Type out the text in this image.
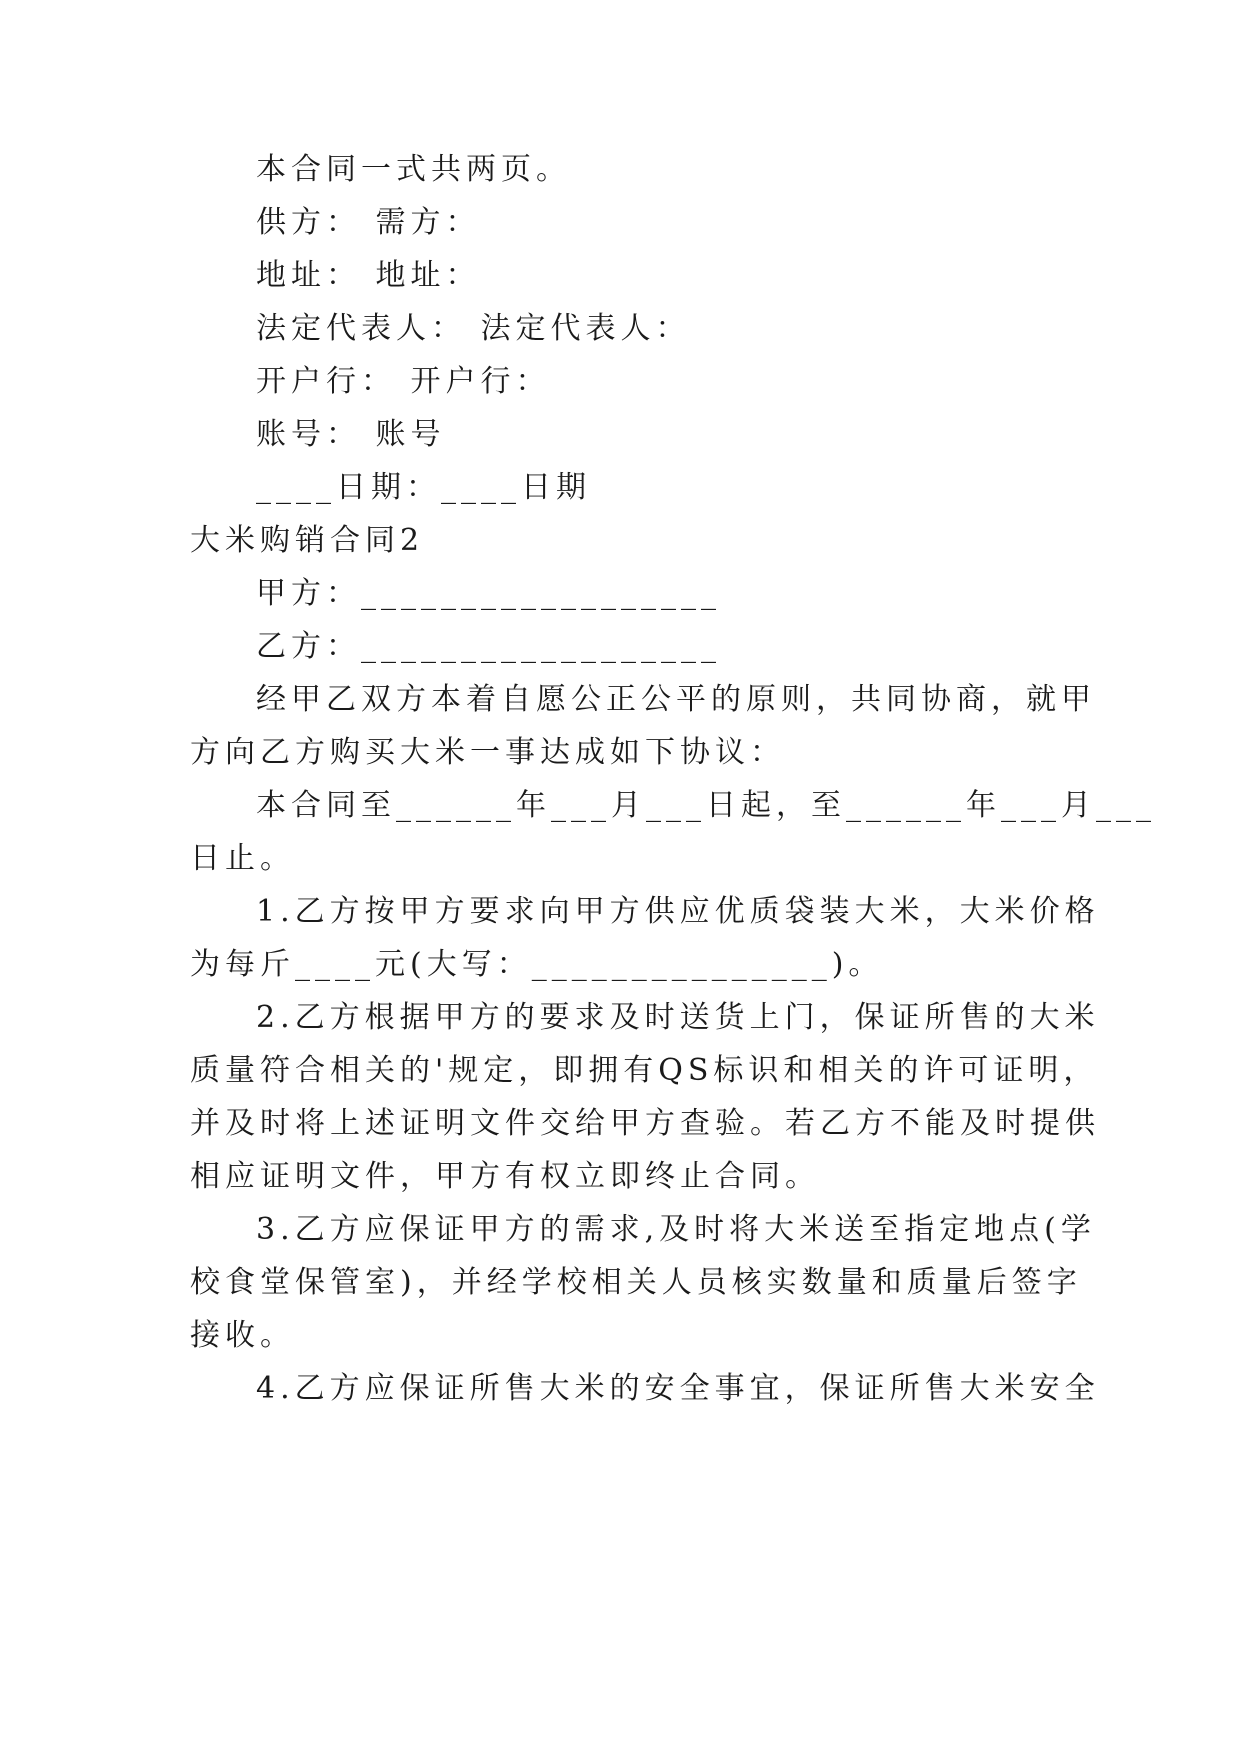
本合同一式共两页。
供方： 需方：
地址： 地址：
法定代表人： 法定代表人：
开户行： 开户行：
账号： 账号
____日期：____日期
大米购销合同2
甲方：__________________
乙方：__________________
经甲乙双方本着自愿公正公平的原则，共同协商，就甲
方向乙方购买大米一事达成如下协议：
本合同至______年___月___日起，至______年___月___
日止。
1.乙方按甲方要求向甲方供应优质袋装大米，大米价格
为每斤____元(大写：_______________)。
2.乙方根据甲方的要求及时送货上门，保证所售的大米
质量符合相关的'规定，即拥有QS标识和相关的许可证明，
并及时将上述证明文件交给甲方查验。若乙方不能及时提供
相应证明文件，甲方有权立即终止合同。
3.乙方应保证甲方的需求,及时将大米送至指定地点(学
校食堂保管室)，并经学校相关人员核实数量和质量后签字
接收。
4.乙方应保证所售大米的安全事宜，保证所售大米安全
